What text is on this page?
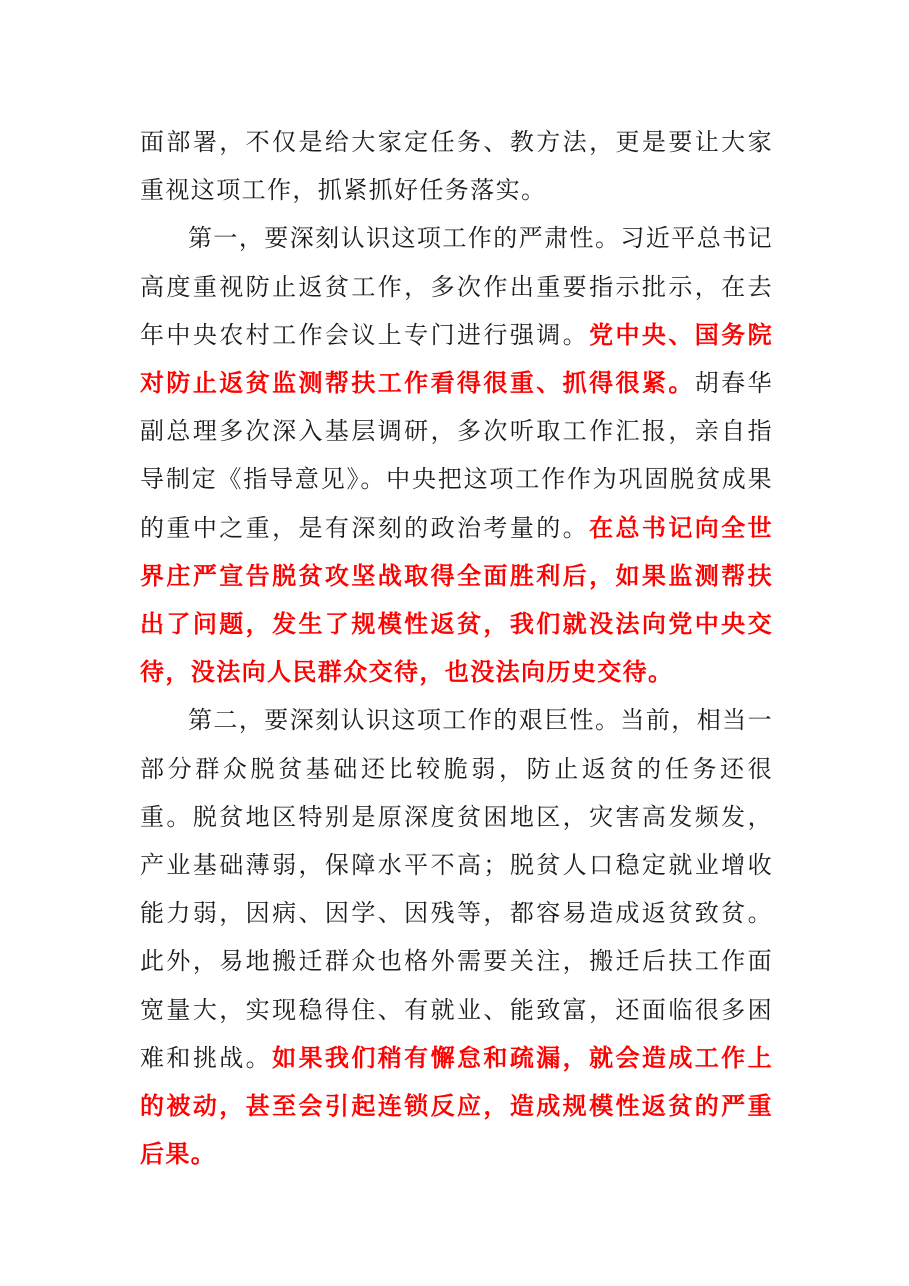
面部署，不仅是给大家定任务、教方法，更是要让大家重视这项工作，抓紧抓好任务落实。

第一，要深刻认识这项工作的严肃性。习近平总书记高度重视防止返贫工作，多次作出重要指示批示，在去年中央农村工作会议上专门进行强调。党中央、国务院对防止返贫监测帮扶工作看得很重、抓得很紧。胡春华副总理多次深入基层调研，多次听取工作汇报，亲自指导制定《指导意见》。中央把这项工作作为巩固脱贫成果的重中之重，是有深刻的政治考量的。在总书记向全世界庄严宣告脱贫攻坚战取得全面胜利后，如果监测帮扶出了问题，发生了规模性返贫，我们就没法向党中央交待，没法向人民群众交待，也没法向历史交待。

第二，要深刻认识这项工作的艰巨性。当前，相当一部分群众脱贫基础还比较脆弱，防止返贫的任务还很重。脱贫地区特别是原深度贫困地区，灾害高发频发，产业基础薄弱，保障水平不高；脱贫人口稳定就业增收能力弱，因病、因学、因残等，都容易造成返贫致贫。此外，易地搬迁群众也格外需要关注，搬迁后扶工作面宽量大，实现稳得住、有就业、能致富，还面临很多困难和挑战。如果我们稍有懈怠和疏漏，就会造成工作上的被动，甚至会引起连锁反应，造成规模性返贫的严重后果。
